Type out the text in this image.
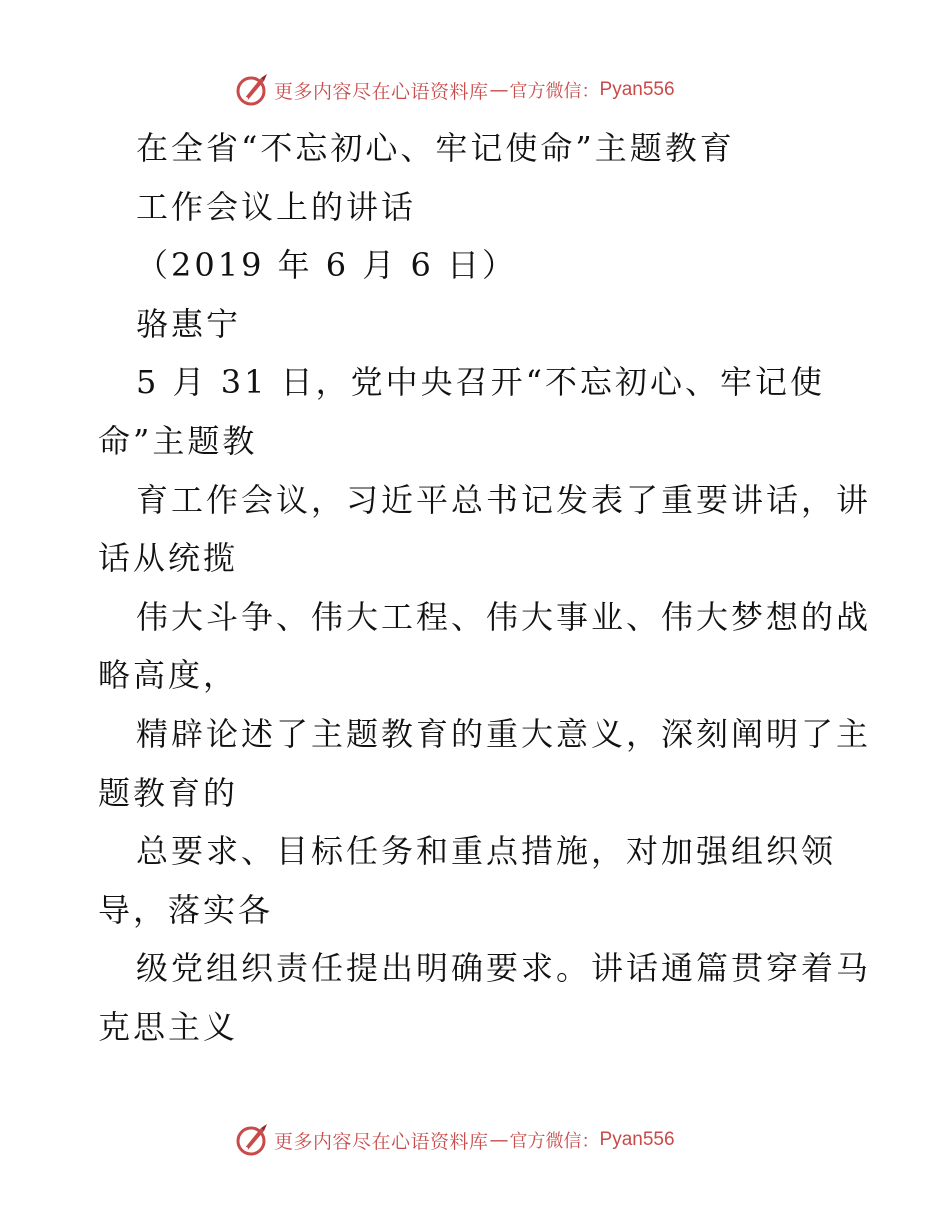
更多内容尽在心语资料库 — 官方微信： Pyan556
在全省“不忘初心、牢记使命”主题教育
工作会议上的讲话
（2019 年 6 月 6 日）
骆惠宁
5 月 31 日，党中央召开“不忘初心、牢记使
命”主题教
育工作会议，习近平总书记发表了重要讲话，讲
话从统揽
伟大斗争、伟大工程、伟大事业、伟大梦想的战
略高度，
精辟论述了主题教育的重大意义，深刻阐明了主
题教育的
总要求、目标任务和重点措施，对加强组织领
导，落实各
级党组织责任提出明确要求。讲话通篇贯穿着马
克思主义
更多内容尽在心语资料库 — 官方微信： Pyan556
